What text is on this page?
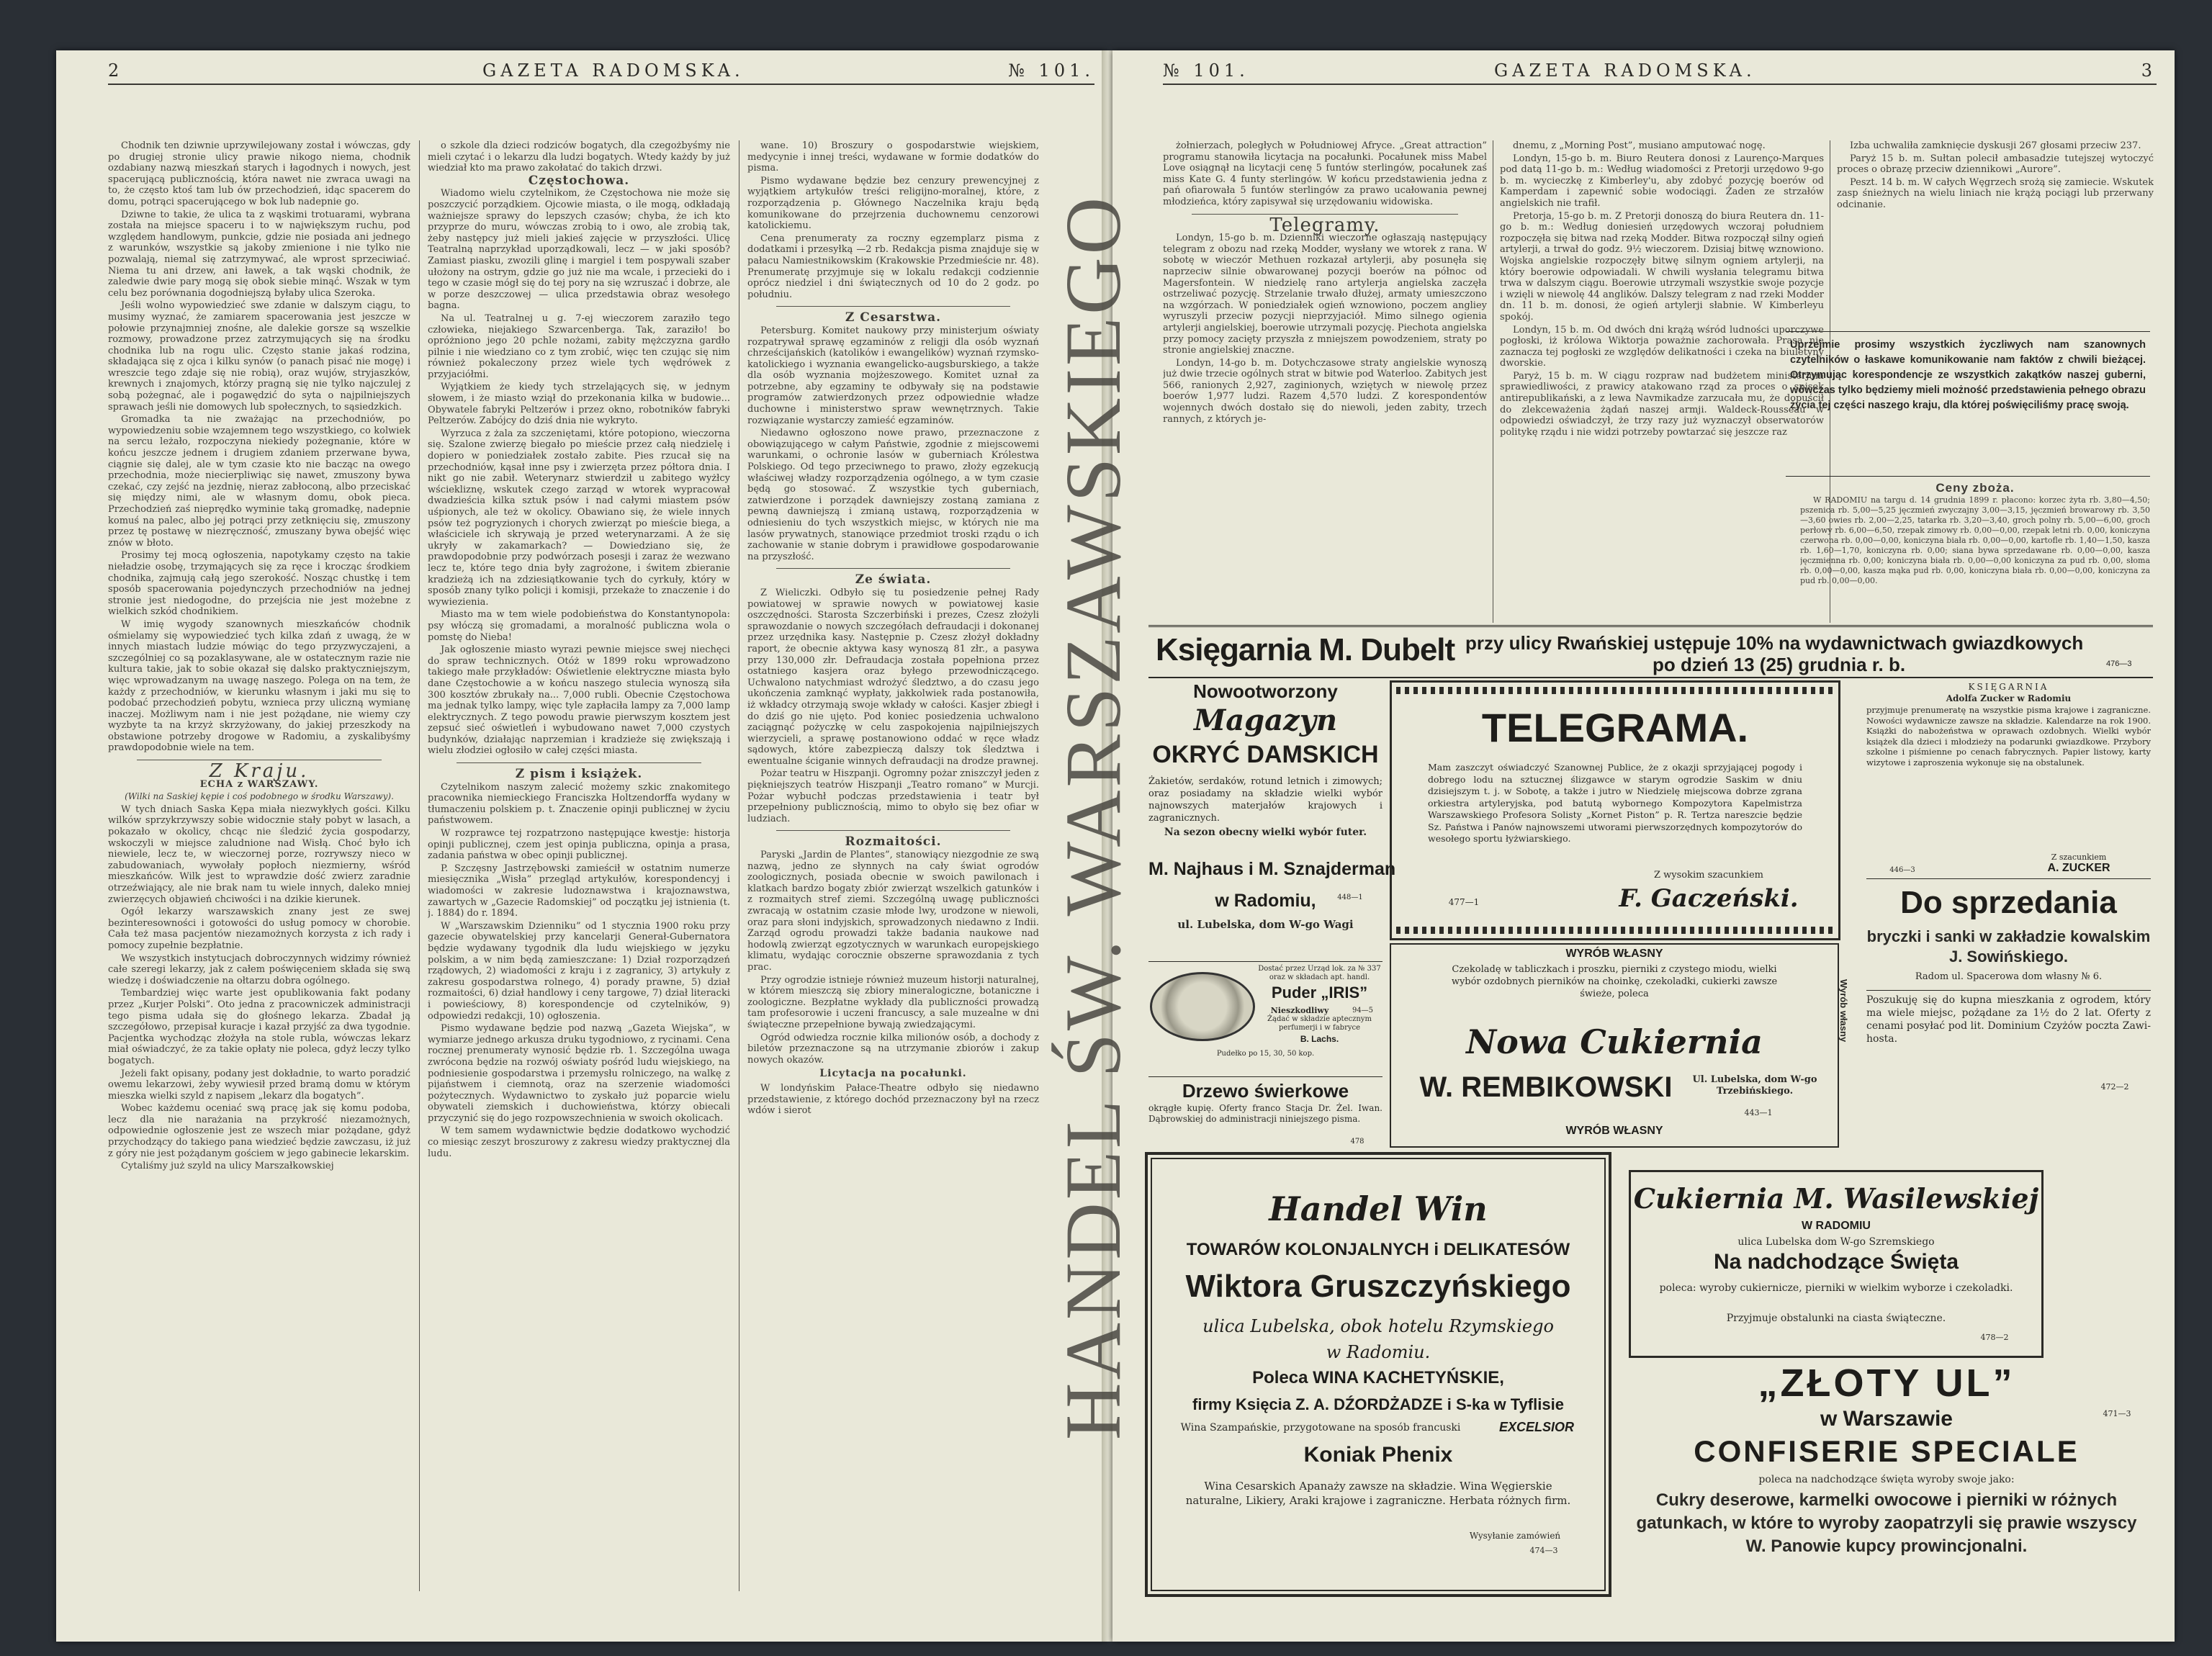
2	GAZETA RADOMSKA.	№ 101.	№ 101.	GAZETA RADOMSKA.	3

Chodnik ten dziwnie uprzywilejowany został i wówczas, gdy po drugiej stronie ulicy prawie nikogo niema, chodnik ozdabiany nazwą mieszkań starych i łagodnych i nowych, jest spacerującą publicznością, która nawet nie zwraca uwagi na to, że często ktoś tam lub ów przechodzień, idąc spacerem do domu, potrąci spacerującego w bok lub nadepnie go.

Dziwne to takie, że ulica ta z wąskimi trotuarami, wybrana została na miejsce spaceru i to w największym ruchu, pod względem handlowym, punkcie, gdzie nie posiada ani jednego z warunków, wszystkie są jakoby zmienione i nie tylko nie pozwalają, niemal się zatrzymywać, ale wprost sprzeciwiać. Niema tu ani drzew, ani ławek, a tak wąski chodnik, że zaledwie dwie pary mogą się obok siebie minąć. Wszak w tym celu bez porównania dogodniejszą byłaby ulica Szeroka.

Jeśli wolno wypowiedzieć swe zdanie w dalszym ciągu, to musimy wyznać, że zamiarem spacerowania jest jeszcze w połowie przynajmniej znośne, ale dalekie gorsze są wszelkie rozmowy, prowadzone przez zatrzymujących się na środku chodnika lub na rogu ulic. Często stanie jakaś rodzina, składająca się z ojca i kilku synów (o panach pisać nie mogę) i wreszcie tego zdaje się nie robią), oraz wujów, stryjaszków, krewnych i znajomych, którzy pragną się nie tylko najczulej z sobą pożegnać, ale i pogawędzić do syta o najpilniejszych sprawach jeśli nie domowych lub społecznych, to sąsiedzkich.

Gromadka ta nie zważając na przechodniów, po wypowiedzeniu sobie wzajemnem tego wszystkiego, co kolwiek na sercu leżało, rozpoczyna niekiedy pożegnanie, które w końcu jeszcze jednem i drugiem zdaniem przerwane bywa, ciągnie się dalej, ale w tym czasie kto nie bacząc na owego przechodnia, może niecierpliwiąc się nawet, zmuszony bywa czekać, czy zejść na jezdnię, nieraz zabłoconą, albo przeciskać się między nimi, ale w własnym domu, obok pieca. Przechodzień zaś nieprędko wyminie taką gromadkę, nadepnie komuś na palec, albo jej potrąci przy zetknięciu się, zmuszony przez tę postawę w niezręczność, zmuszany bywa obejść więc znów w błoto.

Prosimy tej mocą ogłoszenia, napotykamy często na takie nieładzie osobę, trzymających się za ręce i krocząc środkiem chodnika, zajmują całą jego szerokość. Nosząc chustkę i tem sposób spacerowania pojedynczych przechodniów na jednej stronie jest niedogodne, do przejścia nie jest możebne z wielkich szkód chodnikiem.

W imię wygody szanownych mieszkańców chodnik ośmielamy się wypowiedzieć tych kilka zdań z uwagą, że w innych miastach ludzie mówiąc do tego przyzwyczajeni, a szczególniej co są pozaklasywane, ale w ostatecznym razie nie kultura takie, jak to sobie okazał się dalsko praktyczniejszym, więc wprowadzanym na uwagę naszego. Polega on na tem, że każdy z przechodniów, w kierunku własnym i jaki mu się to podobać przechodzień pobytu, wznieca przy uliczną wymianę inaczej. Możliwym nam i nie jest pożądane, nie wiemy czy wyzbyte ta na krzyż skrzyżowany, do jakiej przeszkody na obstawione potrzeby drogowe w Radomiu, a zyskalibyśmy prawdopodobnie wiele na tem.

Z Kraju.

ECHA z WARSZAWY.

(Wilki na Saskiej kępie i coś podobnego w środku Warszawy).

W tych dniach Saska Kępa miała niezwykłych gości. Kilku wilków sprzykrzywszy sobie widocznie stały pobyt w lasach, a pokazało w okolicy, chcąc nie śledzić życia gospodarzy, wskoczyli w miejsce zaludnione nad Wisłą. Choć było ich niewiele, lecz te, w wieczornej porze, rozrywszy nieco w zabudowaniach, wywołały popłoch niezmierny, wśród mieszkańców. Wilk jest to wprawdzie dość zwierz zaradnie otrzeźwiający, ale nie brak nam tu wiele innych, daleko mniej zwierzęcych objawień chciwości i na dzikie kierunek.

Ogół lekarzy warszawskich znany jest ze swej bezinteresowności i gotowości do usług pomocy w chorobie. Cała też masa pacjentów niezamożnych korzysta z ich rady i pomocy zupełnie bezpłatnie.

We wszystkich instytucjach dobroczynnych widzimy również całe szeregi lekarzy, jak z całem poświęceniem składa się swą wiedzę i doświadczenie na ołtarzu dobra ogólnego.

Tembardziej więc warte jest opublikowania fakt podany przez „Kurjer Polski”. Oto jedna z pracowniczek administracji tego pisma udała się do głośnego lekarza. Zbadał ją szczegółowo, przepisał kuracje i kazał przyjść za dwa tygodnie. Pacjentka wychodząc złożyła na stole rubla, wówczas lekarz miał oświadczyć, że za takie opłaty nie poleca, gdyż leczy tylko bogatych.

Jeżeli fakt opisany, podany jest dokładnie, to warto poradzić owemu lekarzowi, żeby wywiesił przed bramą domu w którym mieszka wielki szyld z napisem „lekarz dla bogatych”.

Wobec każdemu oceniać swą pracę jak się komu podoba, lecz dla nie narażania na przykrość niezamożnych, odpowiednie ogłoszenie jest ze wszech miar pożądane, gdyż przychodzący do takiego pana wiedzieć będzie zawczasu, iż już z góry nie jest pożądanym gościem w jego gabinecie lekarskim.

Cytaliśmy już szyld na ulicy Marszałkowskiej

o szkole dla dzieci rodziców bogatych, dla czegożbyśmy nie mieli czytać i o lekarzu dla ludzi bogatych. Wtedy każdy by już wiedział kto ma prawo zakołatać do takich drzwi.

Częstochowa.

Wiadomo wielu czytelnikom, że Częstochowa nie może się poszczycić porządkiem. Ojcowie miasta, o ile mogą, odkładają ważniejsze sprawy do lepszych czasów; chyba, że ich kto przyprze do muru, wówczas zrobią to i owo, ale zrobią tak, żeby następcy już mieli jakieś zajęcie w przyszłości. Ulicę Teatralną naprzykład uporządkowali, lecz — w jaki sposób? Zamiast piasku, zwozili glinę i margiel i tem pospywali szaber ułożony na ostrym, gdzie go już nie ma wcale, i przecieki do i tego w czasie mógł się do tej pory na się wzruszać i dobrze, ale w porze deszczowej — ulica przedstawia obraz wesołego bagna.

Na ul. Teatralnej u g. 7-ej wieczorem zaraziło tego człowieka, niejakiego Szwarcenberga. Tak, zaraziło! bo opróżniono jego 20 pchle nożami, zabity mężczyzna gardło pilnie i nie wiedziano co z tym zrobić, więc ten czując się nim również pokaleczony przez wiele tych wędrówek z przyjaciółmi.

Wyjątkiem że kiedy tych strzelających się, w jednym słowem, i że miasto wziął do przekonania kilka w budowie... Obywatele fabryki Peltzerów i przez okno, robotników fabryki Peltzerów. Zabójcy do dziś dnia nie wykryto.

Wyrzuca z żala za szczeniętami, które potopiono, wieczorna się. Szalone zwierzę biegało po mieście przez całą niedzielę i dopiero w poniedziałek zostało zabite. Pies rzucał się na przechodniów, kąsał inne psy i zwierzęta przez półtora dnia. I nikt go nie zabił. Weterynarz stwierdził u zabitego wyżłcy wściekliznę, wskutek czego zarząd w wtorek wypracował dwadzieścia kilka sztuk psów i nad całymi miastem psów uśpionych, ale też w okolicy. Obawiano się, że wiele innych psów też pogryzionych i chorych zwierząt po mieście biega, a właściciele ich skrywają je przed weterynarzami. A że się ukryły w zakamarkach? — Dowiedziano się, że prawdopodobnie przy podwórzach posesji i zaraz że wezwano lecz te, które tego dnia były zagrożone, i świtem zbieranie kradzieżą ich na zdziesiątkowanie tych do cyrkuły, który w sposób znany tylko policji i komisji, przekaże to znaczenie i do wywiezienia.

Miasto ma w tem wiele podobieństwa do Konstantynopola: psy włóczą się gromadami, a moralność publiczna wola o pomstę do Nieba!

Jak ogłoszenie miasto wyrazi pewnie miejsce swej niechęci do spraw technicznych. Otóż w 1899 roku wprowadzono takiego małe przykładów: Oświetlenie elektryczne miasta było dane Częstochowie a w końcu naszego stulecia wynoszą siła 300 kosztów zbrukały na... 7,000 rubli. Obecnie Częstochowa ma jednak tylko lampy, więc tyle zapłaciła lampy za 7,000 lamp elektrycznych. Z tego powodu prawie pierwszym kosztem jest zepsuć sieć oświetleń i wybudowano nawet 7,000 czystych budynków, działając naprzemian i kradzieże się zwiększają i wielu złodziei ogłosiło w całej części miasta.

Z pism i książek.

Czytelnikom naszym zalecić możemy szkic znakomitego pracownika niemieckiego Franciszka Holtzendorffa wydany w tłumaczeniu polskiem p. t. Znaczenie opinji publicznej w życiu państwowem.

W rozprawce tej rozpatrzono następujące kwestje: historja opinji publicznej, czem jest opinja publiczna, opinja a prasa, zadania państwa w obec opinji publicznej.

P. Szczęsny Jastrzębowski zamieścił w ostatnim numerze miesięcznika „Wisła” przegląd artykułów, korespondencyj i wiadomości w zakresie ludoznawstwa i krajoznawstwa, zawartych w „Gazecie Radomskiej” od początku jej istnienia (t. j. 1884) do r. 1894.

W „Warszawskim Dzienniku” od 1 stycznia 1900 roku przy gazecie obywatelskiej przy kancelarji Generał-Gubernatora będzie wydawany tygodnik dla ludu wiejskiego w języku polskim, a w nim będą zamieszczane: 1) Dział rozporządzeń rządowych, 2) wiadomości z kraju i z zagranicy, 3) artykuły z zakresu gospodarstwa rolnego, 4) porady prawne, 5) dział rozmaitości, 6) dział handlowy i ceny targowe, 7) dział literacki i powieściowy, 8) korespondencje od czytelników, 9) odpowiedzi redakcji, 10) ogłoszenia.

Pismo wydawane będzie pod nazwą „Gazeta Wiejska”, w wymiarze jednego arkusza druku tygodniowo, z rycinami. Cena rocznej prenumeraty wynosić będzie rb. 1. Szczególna uwaga zwrócona będzie na rozwój oświaty pośród ludu wiejskiego, na podniesienie gospodarstwa i przemysłu rolniczego, na walkę z pijaństwem i ciemnotą, oraz na szerzenie wiadomości pożytecznych. Wydawnictwo to zyskało już poparcie wielu obywateli ziemskich i duchowieństwa, którzy obiecali przyczynić się do jego rozpowszechnienia w swoich okolicach.

W tem samem wydawnictwie będzie dodatkowo wychodzić co miesiąc zeszyt broszurowy z zakresu wiedzy praktycznej dla ludu.

wane. 10) Broszury o gospodarstwie wiejskiem, medycynie i innej treści, wydawane w formie dodatków do pisma.

Pismo wydawane będzie bez cenzury prewencyjnej z wyjątkiem artykułów treści religijno-moralnej, które, z rozporządzenia p. Głównego Naczelnika kraju będą komunikowane do przejrzenia duchownemu cenzorowi katolickiemu.

Cena prenumeraty za roczny egzemplarz pisma z dodatkami i przesyłką —2 rb. Redakcja pisma znajduje się w pałacu Namiestnikowskim (Krakowskie Przedmieście nr. 48). Prenumeratę przyjmuje się w lokalu redakcji codziennie oprócz niedziel i dni świątecznych od 10 do 2 godz. po południu.

Z Cesarstwa.

Petersburg. Komitet naukowy przy ministerjum oświaty rozpatrywał sprawę egzaminów z religji dla osób wyznań chrześcijańskich (katolików i ewangelików) wyznań rzymsko-katolickiego i wyznania ewangelicko-augsburskiego, a także dla osób wyznania mojżeszowego. Komitet uznał za potrzebne, aby egzaminy te odbywały się na podstawie programów zatwierdzonych przez odpowiednie władze duchowne i ministerstwo spraw wewnętrznych. Takie rozwiązanie wystarczy zamieść egzaminów.

Niedawno ogłoszono nowe prawo, przeznaczone z obowiązującego w całym Państwie, zgodnie z miejscowemi warunkami, o ochronie lasów w guberniach Królestwa Polskiego. Od tego przeciwnego to prawo, złoży egzekucją właściwej władzy rozporządzenia ogólnego, a w tym czasie będą go stosować. Z wszystkie tych guberniach, zatwierdzone i porządek dawniejszy zostaną zamiana z pewną dawniejszą i zmianą ustawą, rozporządzenia w odniesieniu do tych wszystkich miejsc, w których nie ma lasów prywatnych, stanowiące przedmiot troski rządu o ich zachowanie w stanie dobrym i prawidłowe gospodarowanie na przyszłość.

Ze świata.

Z Wieliczki. Odbyło się tu posiedzenie pełnej Rady powiatowej w sprawie nowych w powiatowej kasie oszczędności. Starosta Szczerbiński i prezes, Czesz złożyli sprawozdanie o nowych szczegółach defraudacji i dokonanej przez urzędnika kasy. Następnie p. Czesz złożył dokładny raport, że obecnie aktywa kasy wynoszą 81 złr., a pasywa przy 130,000 złr. Defraudacja została popełniona przez ostatniego kasjera oraz byłego przewodniczącego. Uchwalono natychmiast wdrożyć śledztwo, a do czasu jego ukończenia zamknąć wypłaty, jakkolwiek rada postanowiła, iż wkładcy otrzymają swoje wkłady w całości. Kasjer zbiegł i do dziś go nie ujęto. Pod koniec posiedzenia uchwalono zaciągnąć pożyczkę w celu zaspokojenia najpilniejszych wierzycieli, a sprawę postanowiono oddać w ręce władz sądowych, które zabezpieczą dalszy tok śledztwa i ewentualne ściganie winnych defraudacji na drodze prawnej.

Pożar teatru w Hiszpanji. Ogromny pożar zniszczył jeden z piękniejszych teatrów Hiszpanji „Teatro romano” w Murcji. Pożar wybuchł podczas przedstawienia i teatr był przepełniony publicznością, mimo to obyło się bez ofiar w ludziach.

Rozmaitości.

Paryski „Jardin de Plantes”, stanowiący niezgodnie ze swą nazwą, jedno ze słynnych na cały świat ogrodów zoologicznych, posiada obecnie w swoich pawilonach i klatkach bardzo bogaty zbiór zwierząt wszelkich gatunków i z rozmaitych stref ziemi. Szczególną uwagę publiczności zwracają w ostatnim czasie młode lwy, urodzone w niewoli, oraz para słoni indyjskich, sprowadzonych niedawno z Indii. Zarząd ogrodu prowadzi także badania naukowe nad hodowlą zwierząt egzotycznych w warunkach europejskiego klimatu, wydając corocznie obszerne sprawozdania z tych prac.

Przy ogrodzie istnieje również muzeum historji naturalnej, w którem mieszczą się zbiory mineralogiczne, botaniczne i zoologiczne. Bezpłatne wykłady dla publiczności prowadzą tam profesorowie i uczeni francuscy, a sale muzealne w dni świąteczne przepełnione bywają zwiedzającymi.

Ogród odwiedza rocznie kilka milionów osób, a dochody z biletów przeznaczone są na utrzymanie zbiorów i zakup nowych okazów.

Licytacja na pocałunki.

W londyńskim Pałace-Theatre odbyło się niedawno przedstawienie, z którego dochód przeznaczony był na rzecz wdów i sierot	HANDEL ŚW. WARSZAWSKIEGO

żołnierzach, poległych w Południowej Afryce. „Great attraction” programu stanowiła licytacja na pocałunki. Pocałunek miss Mabel Love osiągnął na licytacji cenę 5 funtów sterlingów, pocałunek zaś miss Kate G. 4 funty sterlingów. W końcu przedstawienia jedna z pań ofiarowała 5 funtów sterlingów za prawo ucałowania pewnej młodzieńca, który zapisywał się urzędowaniu widowiska.

Telegramy.

Londyn, 15-go b. m. Dzienniki wieczorne ogłaszają następujący telegram z obozu nad rzeką Modder, wysłany we wtorek z rana. W sobotę w wieczór Methuen rozkazał artylerji, aby posunęła się naprzeciw silnie obwarowanej pozycji boerów na północ od Magersfontein. W niedzielę rano artylerja angielska zaczęła ostrzeliwać pozycję. Strzelanie trwało dłużej, armaty umieszczono na wzgórzach. W poniedziałek ogień wznowiono, poczem angliey wyruszyli przeciw pozycji nieprzyjaciół. Mimo silnego ogienia artylerji angielskiej, boerowie utrzymali pozycję. Piechota angielska przy pomocy zacięty przyszła z mniejszem powodzeniem, straty po stronie angielskiej znaczne.

Londyn, 14-go b. m. Dotychczasowe straty angielskie wynoszą już dwie trzecie ogólnych strat w bitwie pod Waterloo. Zabitych jest 566, ranionych 2,927, zaginionych, wziętych w niewolę przez boerów 1,977 ludzi. Razem 4,570 ludzi. Z korespondentów wojennych dwóch dostało się do niewoli, jeden zabity, trzech rannych, z których je-

dnemu, z „Morning Post”, musiano amputować nogę.

Londyn, 15-go b. m. Biuro Reutera donosi z Laurenço-Marques pod datą 11-go b. m.: Według wiadomości z Pretorji urzędowo 9-go b. m. wycieczkę z Kimberley'u, aby zdobyć pozycję boerów od Kamperdam i zapewnić sobie wodociągi. Żaden ze strzałów angielskich nie trafił.

Pretorja, 15-go b. m. Z Pretorji donoszą do biura Reutera dn. 11-go b. m.: Według doniesień urzędowych wczoraj południem rozpoczęła się bitwa nad rzeką Modder. Bitwa rozpoczął silny ogień artylerji, a trwał do godz. 9½ wieczorem. Dzisiaj bitwę wznowiono. Wojska angielskie rozpoczęły bitwę silnym ogniem artylerji, na który boerowie odpowiadali. W chwili wysłania telegramu bitwa trwa w dalszym ciągu. Boerowie utrzymali wszystkie swoje pozycje i wzięli w niewolę 44 anglików. Dalszy telegram z nad rzeki Modder dn. 11 b. m. donosi, że ogień artylerji słabnie. W Kimberleyu spokój.

Londyn, 15 b. m. Od dwóch dni krążą wśród ludności uporczywe pogłoski, iż królowa Wiktorja poważnie zachorowała. Prasa nie zaznacza tej pogłoski ze względów delikatności i czeka na biuletyny dworskie.

Paryż, 15 b. m. W ciągu rozpraw nad budżetem ministerjum sprawiedliwości, z prawicy atakowano rząd za proces o spisek antirepublikański, a z lewa Navmikadze zarzucała mu, że dopuścił do zlekceważenia żądań naszej armji. Waldeck-Rousseau w odpowiedzi oświadczył, że trzy razy już wyznaczył obserwatorów politykę rządu i nie widzi potrzeby powtarzać się jeszcze raz

Izba uchwaliła zamknięcie dyskusji 267 głosami przeciw 237.

Paryż 15 b. m. Sułtan polecił ambasadzie tutejszej wytoczyć proces o obrazę przeciw dziennikowi „Aurore”.

Peszt. 14 b. m. W całych Węgrzech srożą się zamiecie. Wskutek zasp śnieżnych na wielu liniach nie krążą pociągi lub przerwany odcinanie.

Uprzejmie prosimy wszystkich życzliwych nam szanownych czytelników o łaskawe komunikowanie nam faktów z chwili bieżącej. Otrzymując korespondencje ze wszystkich zakątków naszej guberni, wówczas tylko będziemy mieli możność przedstawienia pełnego obrazu życia tej części naszego kraju, dla której poświęciliśmy pracę swoją.

Ceny zboża.

W RADOMIU na targu d. 14 grudnia 1899 r. płacono: korzec żyta rb. 3,80—4,50; pszenica rb. 5,00—5,25 jęczmień zwyczajny 3,00—3,15, jęczmień browarowy rb. 3,50—3,60 owies rb. 2,00—2,25, tatarka rb. 3,20—3,40, groch polny rb. 5,00—6,00, groch perłowy rb. 6,00—6,50, rzepak zimowy rb. 0,00—0,00, rzepak letni rb. 0,00, koniczyna czerwona rb. 0,00—0,00, koniczyna biała rb. 0,00—0,00, kartofle rb. 1,40—1,50, kasza rb. 1,60—1,70, koniczyna rb. 0,00; siana bywa sprzedawane rb. 0,00—0,00, kasza jęczmienna rb. 0,00; koniczyna biała rb. 0,00—0,00 koniczyna za pud rb. 0,00, słoma rb. 0,00—0,00, kasza mąka pud rb. 0,00, koniczyna biała rb. 0,00—0,00, koniczyna za pud rb. 0,00—0,00.

Księgarnia M. Dubelt przy ulicy Rwańskiej ustępuje 10% na wydawnictwach gwiazdkowych
po dzień 13 (25) grudnia r. b.	476—3
Nowootworzony
Magazyn
OKRYĆ DAMSKICH
Żakietów, serdaków, rotund letnich i zimowych; oraz posiadamy na składzie wielki wybór najnowszych materjałów krajowych i zagranicznych.
Na sezon obecny wielki wybór futer.
M. Najhaus i M. Sznajderman
w Radomiu,
ul. Lubelska, dom W-go Wagi
448—1
TELEGRAMA.
Mam zaszczyt oświadczyć Szanownej Publice, że z okazji sprzyjającej pogody i dobrego lodu na sztucznej ślizgawce w starym ogrodzie Saskim w dniu dzisiejszym t. j. w Sobotę, a także i jutro w Niedzielę miejscowa dobrze zgrana orkiestra artyleryjska, pod batutą wybornego Kompozytora Kapelmistrza Warszawskiego Profesora Solisty „Kornet Piston” p. R. Tertza nareszcie będzie Sz. Państwa i Panów najnowszemi utworami pierwszorzędnych kompozytorów do wesołego sportu łyżwiarskiego.
Z wysokim szacunkiem
F. Gaczeński.
477—1
KSIĘGARNIA
Adolfa Zucker w Radomiu
przyjmuje prenumeratę na wszystkie pisma krajowe i zagraniczne. Nowości wydawnicze zawsze na składzie. Kalendarze na rok 1900. Książki do nabożeństwa w oprawach ozdobnych. Wielki wybór książek dla dzieci i młodzieży na podarunki gwiazdkowe. Przybory szkolne i piśmienne po cenach fabrycznych. Papier listowy, karty wizytowe i zaproszenia wykonuje się na obstalunek.
Z szacunkiem
A. ZUCKER
446—3
Dostać przez Urząd lok. za № 337 oraz w składach apt. handl.
Puder „IRIS”
Nieszkodliwy	94—5
Żądać w składzie aptecznym perfumerji i w fabryce
B. Lachs.
Pudełko po 15, 30, 50 kop.
Drzewo świerkowe
okrągłe kupię. Oferty franco Stacja Dr. Żel. Iwan. Dąbrowskiej do administracji niniejszego pisma.
478
WYRÓB WŁASNY
Czekoladę w tabliczkach i proszku, pierniki z czystego miodu, wielki wybór ozdobnych pierników na choinkę, czekoladki, cukierki zawsze świeże, poleca
Nowa Cukiernia
W. REMBIKOWSKI	Ul. Lubelska, dom W-go Trzebińskiego.
443—1
WYRÓB WŁASNY
Wyrób własny
Do sprzedania
bryczki i sanki w zakładzie kowalskim J. Sowińskiego.
Radom ul. Spacerowa dom własny № 6.
Poszukuję się do kupna mieszkania z ogrodem, który ma wiele miejsc, pożądane za 1½ do 2 lat. Oferty z cenami posyłać pod lit. Dominium Czyżów poczta Zawi-hosta.
472—2
Handel Win
TOWARÓW KOLONJALNYCH i DELIKATESÓW
Wiktora Gruszczyńskiego
ulica Lubelska, obok hotelu Rzymskiego
w Radomiu.
Poleca WINA KACHETYŃSKIE,
firmy Księcia Z. A. DŹORDŻADZE i S-ka w Tyflisie
Wina Szampańskie, przygotowane na sposób francuski	EXCELSIOR
Koniak Phenix
Wina Cesarskich Apanaży zawsze na składzie. Wina Węgierskie naturalne, Likiery, Araki krajowe i zagraniczne. Herbata różnych firm.
Wysyłanie zamówień
474—3
Cukiernia M. Wasilewskiej
W RADOMIU
ulica Lubelska dom W-go Szremskiego
Na nadchodzące Święta
poleca: wyroby cukiernicze, pierniki w wielkim wyborze i czekoladki.
Przyjmuje obstalunki na ciasta świąteczne.
478—2
„ZŁOTY UL”
w Warszawie
CONFISERIE SPECIALE
poleca na nadchodzące święta wyroby swoje jako:
Cukry deserowe, karmelki owocowe i pierniki w różnych gatunkach, w które to wyroby zaopatrzyli się prawie wszyscy W. Panowie kupcy prowincjonalni.
471—3
